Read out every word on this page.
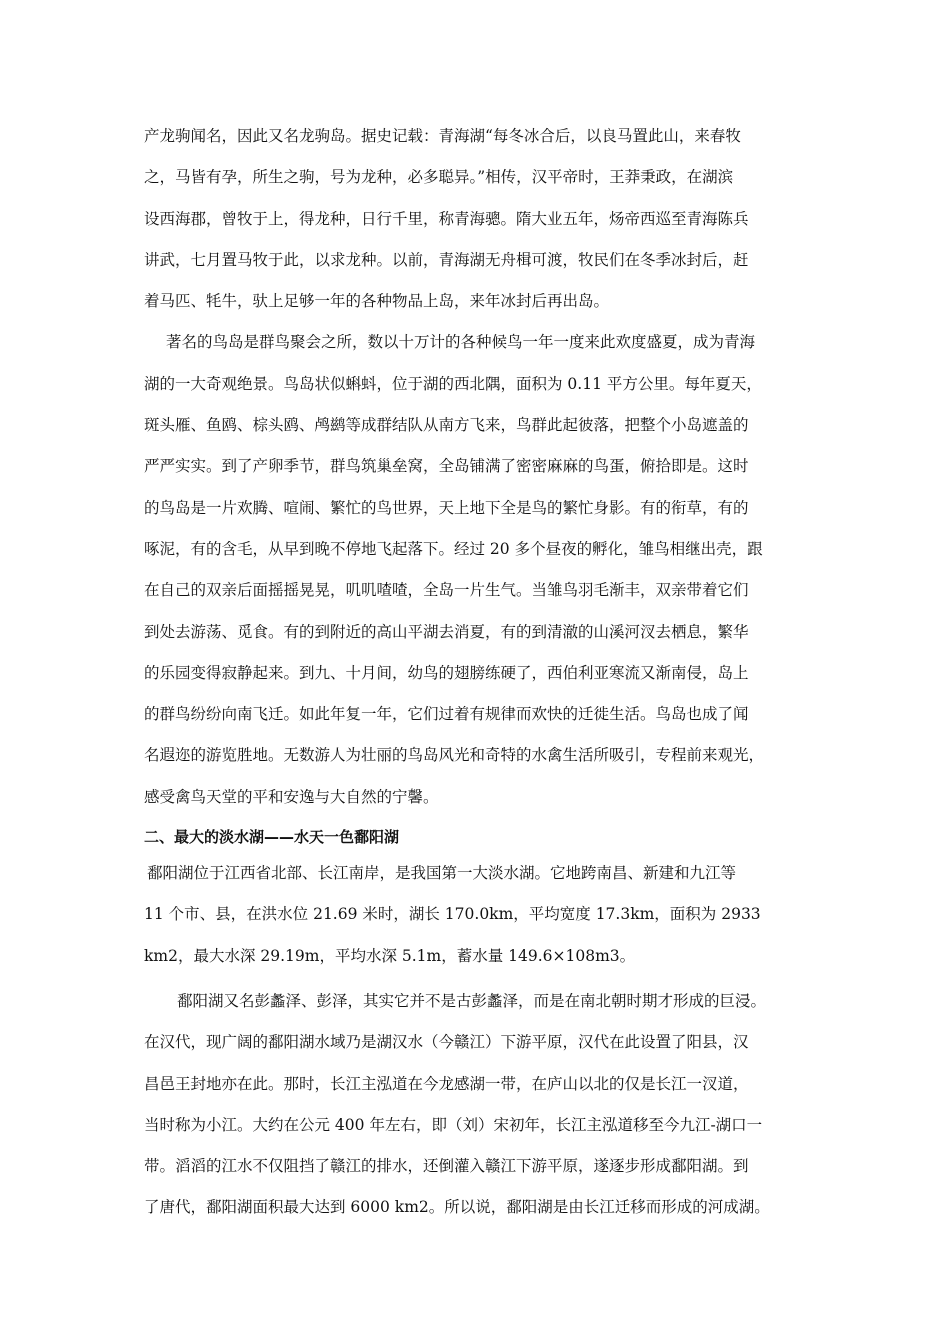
产龙驹闻名，因此又名龙驹岛。据史记载：青海湖“每冬冰合后，以良马置此山，来春牧
之，马皆有孕，所生之驹，号为龙种，必多聪异。”相传，汉平帝时，王莽秉政，在湖滨
设西海郡，曾牧于上，得龙种，日行千里，称青海骢。隋大业五年，炀帝西巡至青海陈兵
讲武，七月置马牧于此，以求龙种。以前，青海湖无舟楫可渡，牧民们在冬季冰封后，赶
着马匹、牦牛，驮上足够一年的各种物品上岛，来年冰封后再出岛。

著名的鸟岛是群鸟聚会之所，数以十万计的各种候鸟一年一度来此欢度盛夏，成为青海
湖的一大奇观绝景。鸟岛状似蝌蚪，位于湖的西北隅，面积为 0.11 平方公里。每年夏天，
斑头雁、鱼鸥、棕头鸥、鸬鹚等成群结队从南方飞来，鸟群此起彼落，把整个小岛遮盖的
严严实实。到了产卵季节，群鸟筑巢垒窝，全岛铺满了密密麻麻的鸟蛋，俯拾即是。这时
的鸟岛是一片欢腾、喧闹、繁忙的鸟世界，天上地下全是鸟的繁忙身影。有的衔草，有的
啄泥，有的含毛，从早到晚不停地飞起落下。经过 20 多个昼夜的孵化，雏鸟相继出壳，跟
在自己的双亲后面摇摇晃晃，叽叽喳喳，全岛一片生气。当雏鸟羽毛渐丰，双亲带着它们
到处去游荡、觅食。有的到附近的高山平湖去消夏，有的到清澈的山溪河汊去栖息，繁华
的乐园变得寂静起来。到九、十月间，幼鸟的翅膀练硬了，西伯利亚寒流又渐南侵，岛上
的群鸟纷纷向南飞迁。如此年复一年，它们过着有规律而欢快的迁徙生活。鸟岛也成了闻
名遐迩的游览胜地。无数游人为壮丽的鸟岛风光和奇特的水禽生活所吸引，专程前来观光，
感受禽鸟天堂的平和安逸与大自然的宁馨。

二、最大的淡水湖——水天一色鄱阳湖

鄱阳湖位于江西省北部、长江南岸，是我国第一大淡水湖。它地跨南昌、新建和九江等
11 个市、县，在洪水位 21.69 米时，湖长 170.0km，平均宽度 17.3km，面积为 2933
km2，最大水深 29.19m，平均水深 5.1m，蓄水量 149.6×108m3。

鄱阳湖又名彭蠡泽、彭泽，其实它并不是古彭蠡泽，而是在南北朝时期才形成的巨浸。
在汉代，现广阔的鄱阳湖水域乃是湖汉水（今赣江）下游平原，汉代在此设置了阳县，汉
昌邑王封地亦在此。那时，长江主泓道在今龙感湖一带，在庐山以北的仅是长江一汊道，
当时称为小江。大约在公元 400 年左右，即（刘）宋初年，长江主泓道移至今九江-湖口一
带。滔滔的江水不仅阻挡了赣江的排水，还倒灌入赣江下游平原，遂逐步形成鄱阳湖。到
了唐代，鄱阳湖面积最大达到 6000 km2。所以说，鄱阳湖是由长江迁移而形成的河成湖。
